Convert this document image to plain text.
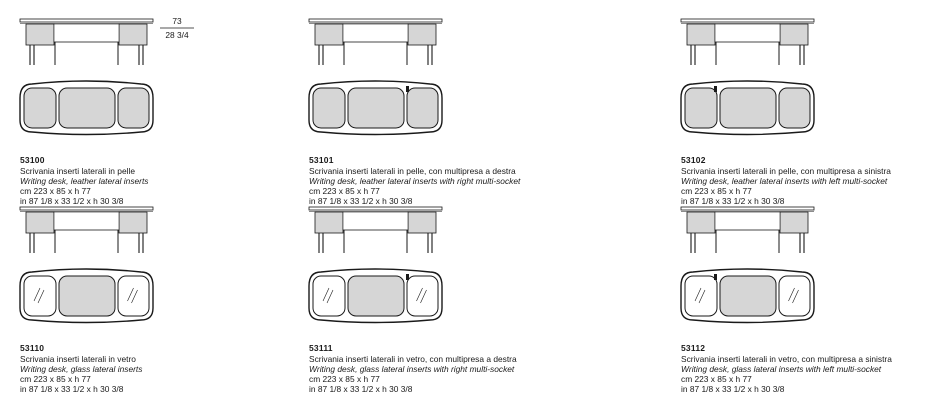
53100
Scrivania inserti laterali in pelle
Writing desk, leather lateral inserts
cm 223 x 85 x h 77
in 87 1/8 x 33 1/2 x h 30 3/8
73
28 3/4
53101
Scrivania inserti laterali in pelle, con multipresa a destra
Writing desk, leather lateral inserts with right multi-socket
cm 223 x 85 x h 77
in 87 1/8 x 33 1/2 x h 30 3/8
53102
Scrivania inserti laterali in pelle, con multipresa a sinistra
Writing desk, leather lateral inserts with left multi-socket
cm 223 x 85 x h 77
in 87 1/8 x 33 1/2 x h 30 3/8
53110
Scrivania inserti laterali in vetro
Writing desk, glass lateral inserts
cm 223 x 85 x h 77
in 87 1/8 x 33 1/2 x h 30 3/8
53111
Scrivania inserti laterali in vetro, con multipresa a destra
Writing desk, glass lateral inserts with right multi-socket
cm 223 x 85 x h 77
in 87 1/8 x 33 1/2 x h 30 3/8
53112
Scrivania inserti laterali in vetro, con multipresa a sinistra
Writing desk, glass lateral inserts with left multi-socket
cm 223 x 85 x h 77
in 87 1/8 x 33 1/2 x h 30 3/8
